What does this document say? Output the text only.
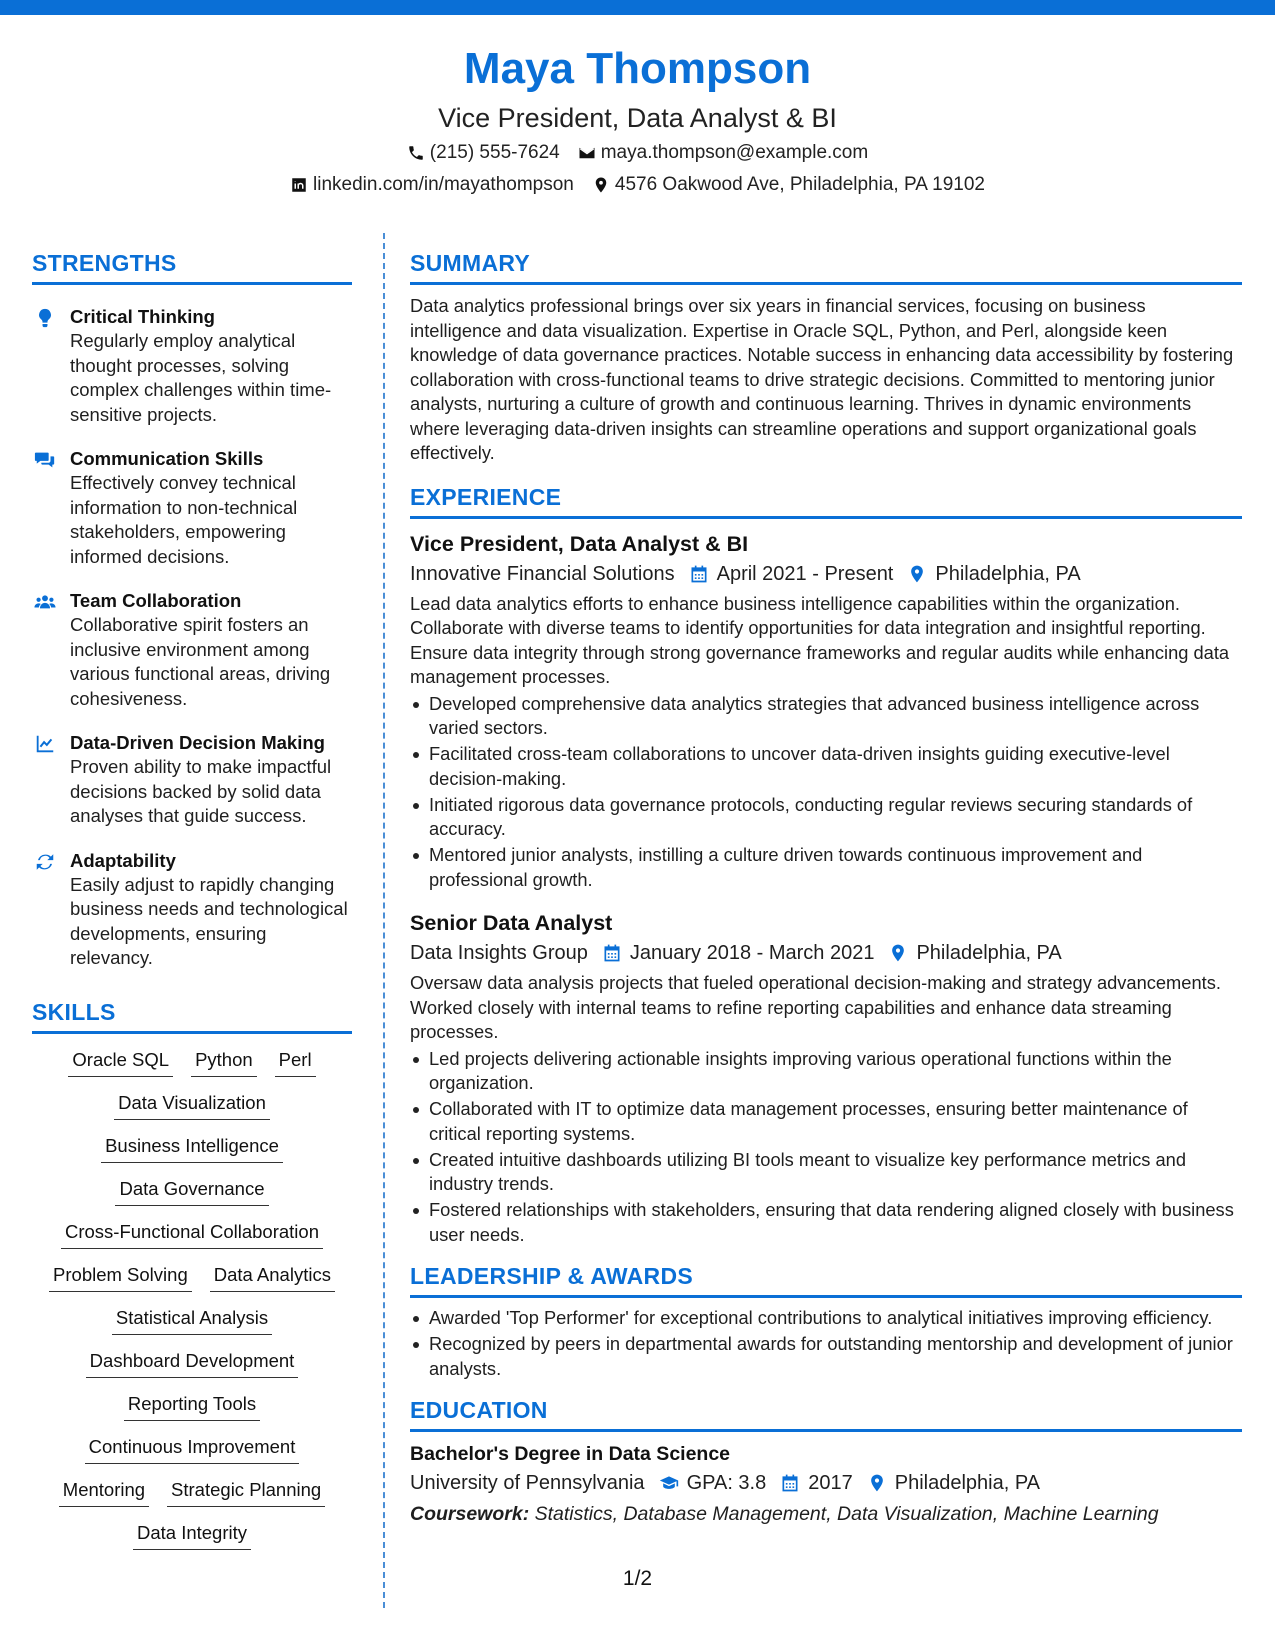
Maya Thompson
Vice President, Data Analyst & BI
(215) 555-7624 maya.thompson@example.com
linkedin.com/in/mayathompson 4576 Oakwood Ave, Philadelphia, PA 19102
STRENGTHS
Critical Thinking
Regularly employ analytical thought processes, solving complex challenges within time-sensitive projects.
Communication Skills
Effectively convey technical information to non-technical stakeholders, empowering informed decisions.
Team Collaboration
Collaborative spirit fosters an inclusive environment among various functional areas, driving cohesiveness.
Data-Driven Decision Making
Proven ability to make impactful decisions backed by solid data analyses that guide success.
Adaptability
Easily adjust to rapidly changing business needs and technological developments, ensuring relevancy.
SKILLS
Oracle SQL Python Perl
Data Visualization
Business Intelligence
Data Governance
Cross-Functional Collaboration
Problem Solving Data Analytics
Statistical Analysis
Dashboard Development
Reporting Tools
Continuous Improvement
Mentoring Strategic Planning
Data Integrity
SUMMARY
Data analytics professional brings over six years in financial services, focusing on business intelligence and data visualization. Expertise in Oracle SQL, Python, and Perl, alongside keen knowledge of data governance practices. Notable success in enhancing data accessibility by fostering collaboration with cross-functional teams to drive strategic decisions. Committed to mentoring junior analysts, nurturing a culture of growth and continuous learning. Thrives in dynamic environments where leveraging data-driven insights can streamline operations and support organizational goals effectively.
EXPERIENCE
Vice President, Data Analyst & BI
Innovative Financial Solutions April 2021 - Present Philadelphia, PA
Lead data analytics efforts to enhance business intelligence capabilities within the organization. Collaborate with diverse teams to identify opportunities for data integration and insightful reporting. Ensure data integrity through strong governance frameworks and regular audits while enhancing data management processes.
Developed comprehensive data analytics strategies that advanced business intelligence across varied sectors.
Facilitated cross-team collaborations to uncover data-driven insights guiding executive-level decision-making.
Initiated rigorous data governance protocols, conducting regular reviews securing standards of accuracy.
Mentored junior analysts, instilling a culture driven towards continuous improvement and professional growth.
Senior Data Analyst
Data Insights Group January 2018 - March 2021 Philadelphia, PA
Oversaw data analysis projects that fueled operational decision-making and strategy advancements. Worked closely with internal teams to refine reporting capabilities and enhance data streaming processes.
Led projects delivering actionable insights improving various operational functions within the organization.
Collaborated with IT to optimize data management processes, ensuring better maintenance of critical reporting systems.
Created intuitive dashboards utilizing BI tools meant to visualize key performance metrics and industry trends.
Fostered relationships with stakeholders, ensuring that data rendering aligned closely with business user needs.
LEADERSHIP & AWARDS
Awarded 'Top Performer' for exceptional contributions to analytical initiatives improving efficiency.
Recognized by peers in departmental awards for outstanding mentorship and development of junior analysts.
EDUCATION
Bachelor's Degree in Data Science
University of Pennsylvania GPA: 3.8 2017 Philadelphia, PA
Coursework: Statistics, Database Management, Data Visualization, Machine Learning
1/2
